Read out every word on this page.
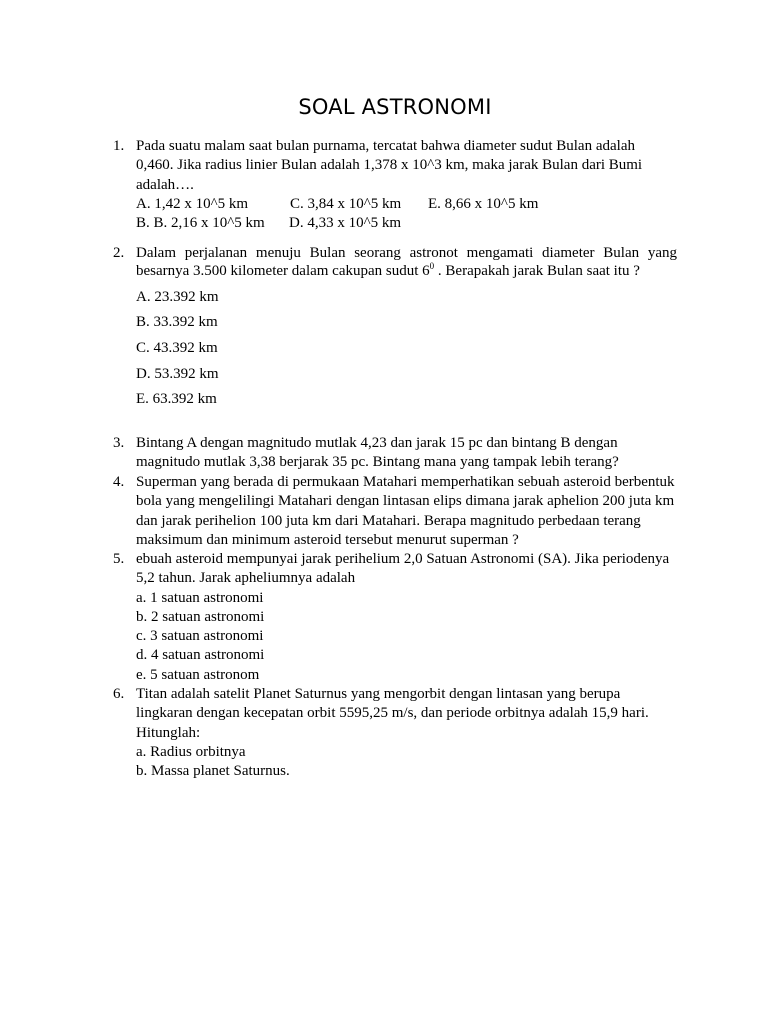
SOAL ASTRONOMI
1. Pada suatu malam saat bulan purnama, tercatat bahwa diameter sudut Bulan adalah
0,460. Jika radius linier Bulan adalah 1,378 x 10^3 km, maka jarak Bulan dari Bumi
adalah….
A. 1,42 x 10^5 km	C. 3,84 x 10^5 km E. 8,66 x 10^5 km
B. B. 2,16 x 10^5 km D. 4,33 x 10^5 km
2. Dalam perjalanan menuju Bulan seorang astronot mengamati diameter Bulan yang besarnya 3.500 kilometer dalam cakupan sudut $6^0$ . Berapakah jarak Bulan saat itu ?
A. 23.392 km
B. 33.392 km
C. 43.392 km
D. 53.392 km
E. 63.392 km
3. Bintang A dengan magnitudo mutlak 4,23 dan jarak 15 pc dan bintang B dengan
magnitudo mutlak 3,38 berjarak 35 pc. Bintang mana yang tampak lebih terang?
4. Superman yang berada di permukaan Matahari memperhatikan sebuah asteroid berbentuk
bola yang mengelilingi Matahari dengan lintasan elips dimana jarak aphelion 200 juta km
dan jarak perihelion 100 juta km dari Matahari. Berapa magnitudo perbedaan terang
maksimum dan minimum asteroid tersebut menurut superman ?
5. ebuah asteroid mempunyai jarak perihelium 2,0 Satuan Astronomi (SA). Jika periodenya
5,2 tahun. Jarak apheliumnya adalah
a. 1 satuan astronomi
b. 2 satuan astronomi
c. 3 satuan astronomi
d. 4 satuan astronomi
e. 5 satuan astronom
6. Titan adalah satelit Planet Saturnus yang mengorbit dengan lintasan yang berupa
lingkaran dengan kecepatan orbit 5595,25 m/s, dan periode orbitnya adalah 15,9 hari.
Hitunglah:
a. Radius orbitnya
b. Massa planet Saturnus.
